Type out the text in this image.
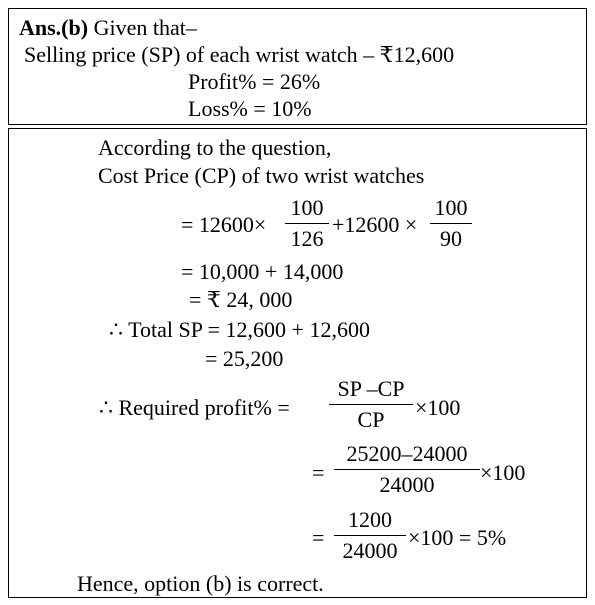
Ans.(b) Given that–
Selling price (SP) of each wrist watch – ₹12,600
Profit% = 26%
Loss% = 10%
According to the question,
Cost Price (CP) of two wrist watches
= 12600×
100
126
+12600 ×
100
90
= 10,000 + 14,000
= ₹ 24, 000
∴ Total SP = 12,600 + 12,600
= 25,200
∴ Required profit% =
SP –CP
CP	×100
=
25200–24000
24000	×100
=
1200
24000
×100 = 5%
Hence, option (b) is correct.
